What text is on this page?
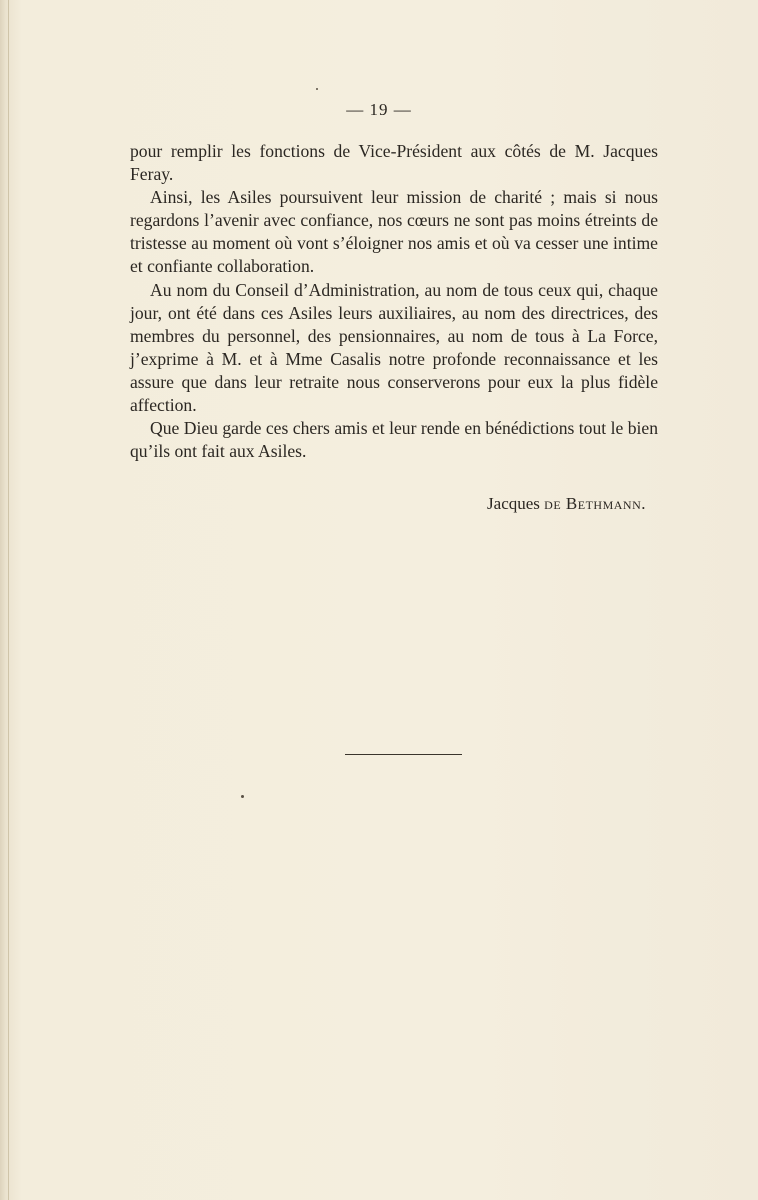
— 19 —

pour remplir les fonctions de Vice-Président aux côtés de M. Jacques Feray.

Ainsi, les Asiles poursuivent leur mission de charité ; mais si nous regardons l’avenir avec confiance, nos cœurs ne sont pas moins étreints de tristesse au moment où vont s’éloigner nos amis et où va cesser une intime et confiante collaboration.

Au nom du Conseil d’Administration, au nom de tous ceux qui, chaque jour, ont été dans ces Asiles leurs auxiliaires, au nom des directrices, des membres du personnel, des pensionnaires, au nom de tous à La Force, j’exprime à M. et à Mme Casalis notre profonde reconnaissance et les assure que dans leur retraite nous conserverons pour eux la plus fidèle affection.

Que Dieu garde ces chers amis et leur rende en bénédictions tout le bien qu’ils ont fait aux Asiles.

Jacques de Bethmann.
